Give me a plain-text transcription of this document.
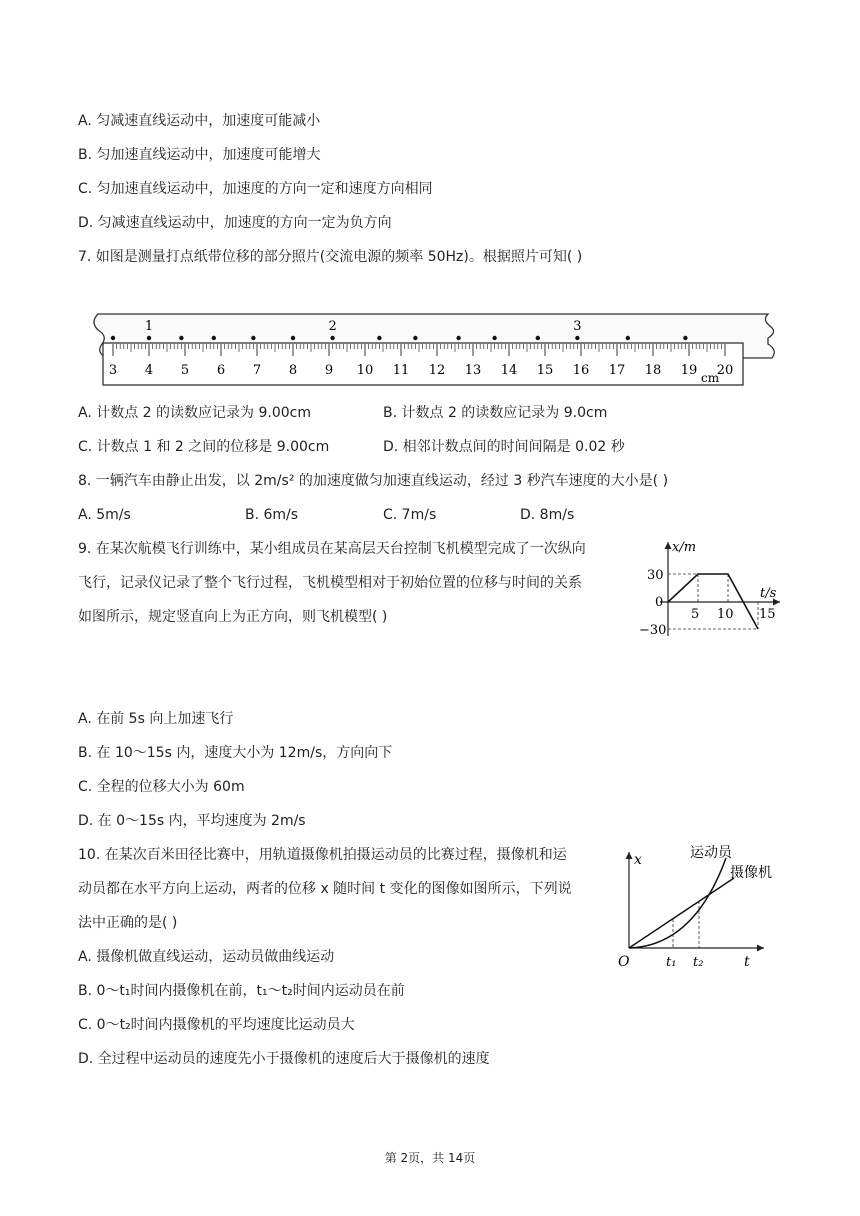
A. 匀减速直线运动中，加速度可能减小
B. 匀加速直线运动中，加速度可能增大
C. 匀加速直线运动中，加速度的方向一定和速度方向相同
D. 匀减速直线运动中，加速度的方向一定为负方向
7. 如图是测量打点纸带位移的部分照片(交流电源的频率 50Hz)。根据照片可知( )
3 4 5 6 7 8 9 10 11 12 13 14 15 16 17 18 19 20
1	2	3
cm
A. 计数点 2 的读数应记录为 9.00cm	B. 计数点 2 的读数应记录为 9.0cm
C. 计数点 1 和 2 之间的位移是 9.00cm	D. 相邻计数点间的时间间隔是 0.02 秒
8. 一辆汽车由静止出发，以 2m/s² 的加速度做匀加速直线运动，经过 3 秒汽车速度的大小是( )
A. 5m/s	B. 6m/s	C. 7m/s	D. 8m/s
9. 在某次航模飞行训练中，某小组成员在某高层天台控制飞机模型完成了一次纵向
飞行，记录仪记录了整个飞行过程，飞机模型相对于初始位置的位移与时间的关系
如图所示，规定竖直向上为正方向，则飞机模型( )
x/m
t/s
30
0
−30
5 10 15
A. 在前 5s 向上加速飞行
B. 在 10～15s 内，速度大小为 12m/s，方向向下
C. 全程的位移大小为 60m
D. 在 0～15s 内，平均速度为 2m/s
10. 在某次百米田径比赛中，用轨道摄像机拍摄运动员的比赛过程，摄像机和运
动员都在水平方向上运动，两者的位移 x 随时间 t 变化的图像如图所示，下列说
法中正确的是( )
x
t
O	t₁ t₂
运动员
摄像机
A. 摄像机做直线运动，运动员做曲线运动
B. 0～t₁时间内摄像机在前，t₁～t₂时间内运动员在前
C. 0～t₂时间内摄像机的平均速度比运动员大
D. 全过程中运动员的速度先小于摄像机的速度后大于摄像机的速度
第 2页，共 14页
